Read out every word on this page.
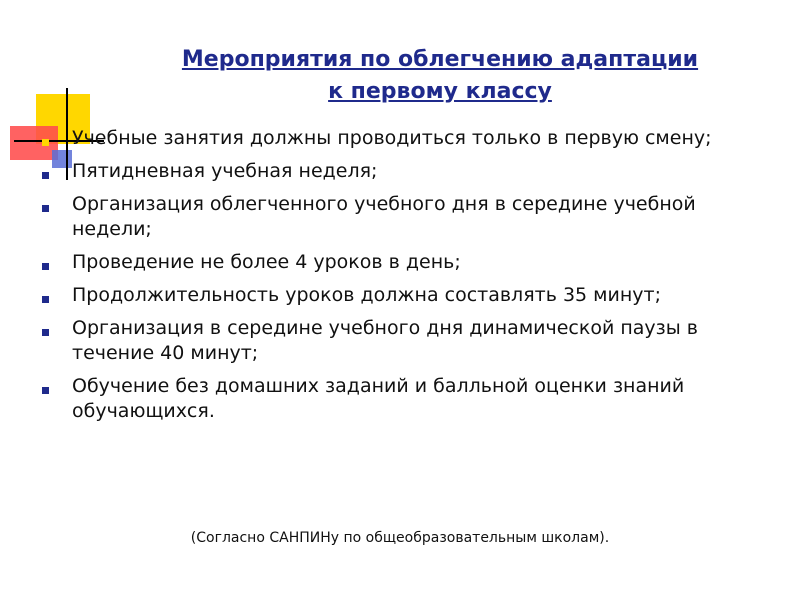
Мероприятия по облегчению адаптации
к первому классу
Учебные занятия должны проводиться только в первую смену;
Пятидневная учебная неделя;
Организация облегченного учебного дня в середине учебной недели;
Проведение не более 4 уроков в день;
Продолжительность уроков должна составлять 35 минут;
Организация в середине учебного дня динамической паузы в течение 40 минут;
Обучение без домашних заданий и балльной оценки знаний обучающихся.
(Согласно САНПИНу по общеобразовательным школам).
